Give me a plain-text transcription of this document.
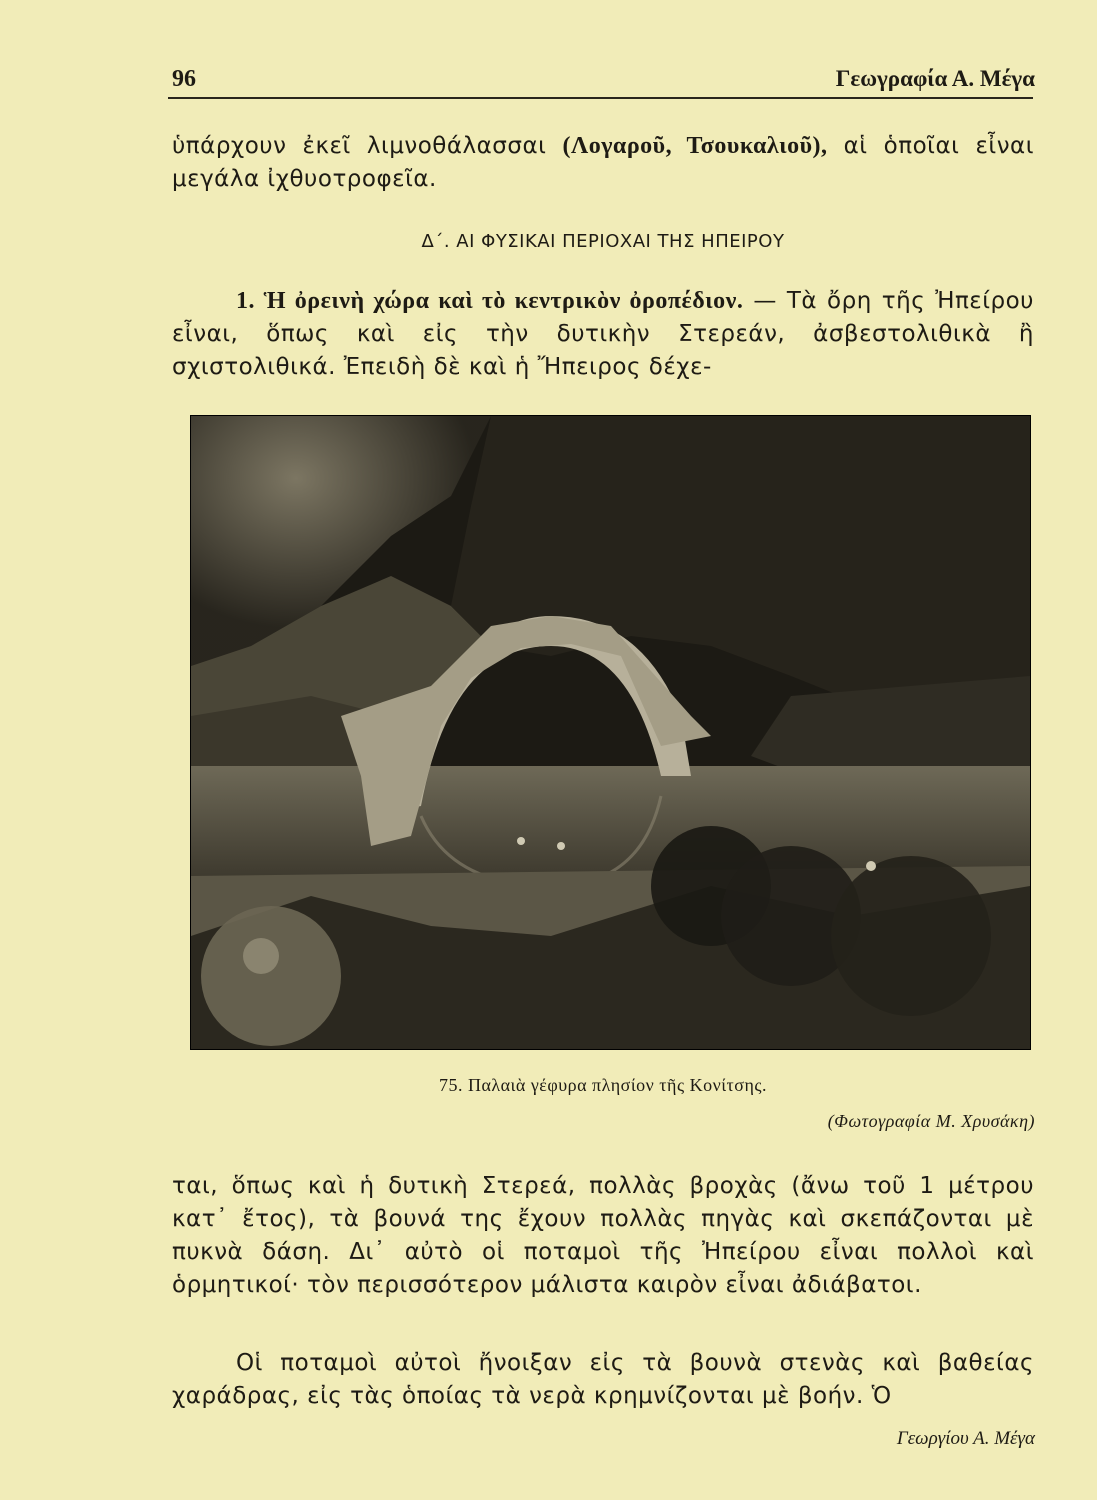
96	Γεωγραφία Α. Μέγα

ὑπάρχουν ἐκεῖ λιμνοθάλασσαι (Λογαροῦ, Τσουκαλιοῦ), αἱ ὁποῖαι εἶναι μεγάλα ἰχθυοτροφεῖα.

Δ΄. ΑΙ ΦΥΣΙΚΑΙ ΠΕΡΙΟΧΑΙ ΤΗΣ ΗΠΕΙΡΟΥ

1. Ἡ ὀρεινὴ χώρα καὶ τὸ κεντρικὸν ὀροπέδιον. — Τὰ ὄρη τῆς Ἠπείρου εἶναι, ὅπως καὶ εἰς τὴν δυτικὴν Στερεάν, ἀσβεστολιθικὰ ἢ σχιστολιθικά. Ἐπειδὴ δὲ καὶ ἡ Ἤπειρος δέχε-

75. Παλαιὰ γέφυρα πλησίον τῆς Κονίτσης.
(Φωτογραφία Μ. Χρυσάκη)

ται, ὅπως καὶ ἡ δυτικὴ Στερεά, πολλὰς βροχὰς (ἄνω τοῦ 1 μέτρου κατ᾽ ἔτος), τὰ βουνά της ἔχουν πολλὰς πηγὰς καὶ σκεπάζονται μὲ πυκνὰ δάση. Δι᾽ αὐτὸ οἱ ποταμοὶ τῆς Ἠπείρου εἶναι πολλοὶ καὶ ὁρμητικοί· τὸν περισσότερον μάλιστα καιρὸν εἶναι ἀδιάβατοι.

Οἱ ποταμοὶ αὐτοὶ ἤνοιξαν εἰς τὰ βουνὰ στενὰς καὶ βαθείας χαράδρας, εἰς τὰς ὁποίας τὰ νερὰ κρημνίζονται μὲ βοήν. Ὁ

Γεωργίου Α. Μέγα
